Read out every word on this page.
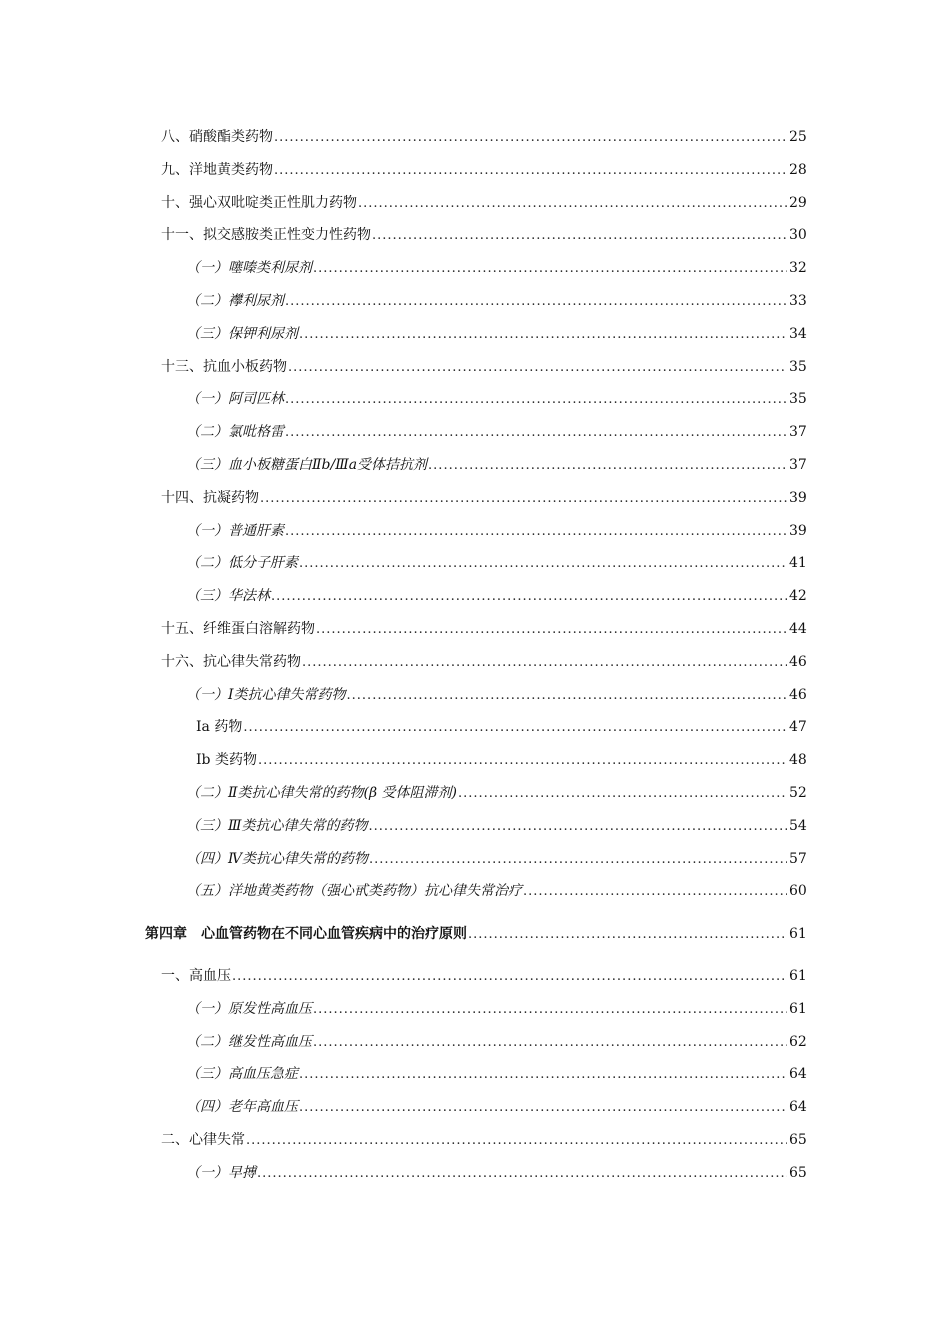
八、硝酸酯类药物 .....	25
九、洋地黄类药物 .....	28
十、强心双吡啶类正性肌力药物 .....	29
十一、拟交感胺类正性变力性药物 .....	30
（一）噻嗪类利尿剂 .....	32
（二）襻利尿剂 .....	33
（三）保钾利尿剂 .....	34
十三、抗血小板药物 .....	35
（一）阿司匹林 .....	35
（二）氯吡格雷 .....	37
（三）血小板糖蛋白Ⅱb/Ⅲa受体拮抗剂 .....	37
十四、抗凝药物 .....	39
（一）普通肝素 .....	39
（二）低分子肝素 .....	41
（三）华法林 .....	42
十五、纤维蛋白溶解药物 .....	44
十六、抗心律失常药物 .....	46
（一）Ⅰ类抗心律失常药物 .....	46
Ⅰa 药物 .....	47
Ⅰb 类药物 .....	48
（二）Ⅱ类抗心律失常的药物(β 受体阻滞剂) .....	52
（三）Ⅲ类抗心律失常的药物 .....	54
（四）Ⅳ类抗心律失常的药物 .....	57
（五）洋地黄类药物（强心甙类药物）抗心律失常治疗 .....	60
第四章　心血管药物在不同心血管疾病中的治疗原则 .....	61
一、高血压 .....	61
（一）原发性高血压 .....	61
（二）继发性高血压 .....	62
（三）高血压急症 .....	64
（四）老年高血压 .....	64
二、心律失常 .....	65
（一）早搏 .....	65
